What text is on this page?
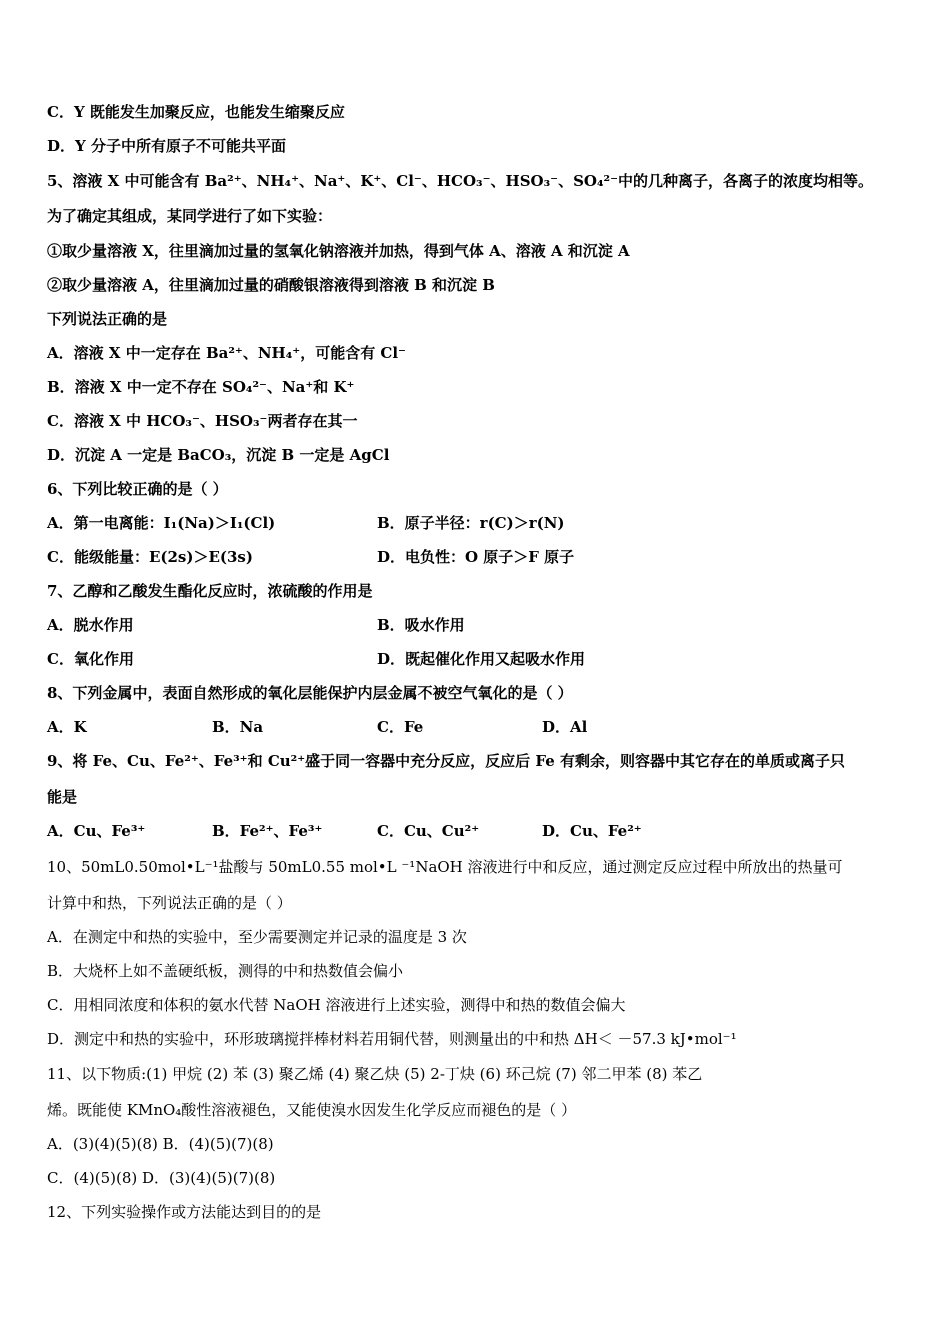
C．Y 既能发生加聚反应，也能发生缩聚反应
D．Y 分子中所有原子不可能共平面
5、溶液 X 中可能含有 Ba²⁺、NH₄⁺、Na⁺、K⁺、Cl⁻、HCO₃⁻、HSO₃⁻、SO₄²⁻中的几种离子，各离子的浓度均相等。
为了确定其组成，某同学进行了如下实验：
①取少量溶液 X，往里滴加过量的氢氧化钠溶液并加热，得到气体 A、溶液 A 和沉淀 A
②取少量溶液 A，往里滴加过量的硝酸银溶液得到溶液 B 和沉淀 B
下列说法正确的是
A．溶液 X 中一定存在 Ba²⁺、NH₄⁺，可能含有 Cl⁻
B．溶液 X 中一定不存在 SO₄²⁻、Na⁺和 K⁺
C．溶液 X 中 HCO₃⁻、HSO₃⁻两者存在其一
D．沉淀 A 一定是 BaCO₃，沉淀 B 一定是 AgCl
6、下列比较正确的是（ ）
A．第一电离能：I₁(Na)＞I₁(Cl)	B．原子半径：r(C)＞r(N)
C．能级能量：E(2s)＞E(3s)	D．电负性：O 原子＞F 原子
7、乙醇和乙酸发生酯化反应时，浓硫酸的作用是
A．脱水作用	B．吸水作用
C．氧化作用	D．既起催化作用又起吸水作用
8、下列金属中，表面自然形成的氧化层能保护内层金属不被空气氧化的是（ ）
A．K	B．Na	C．Fe	D．Al
9、将 Fe、Cu、Fe²⁺、Fe³⁺和 Cu²⁺盛于同一容器中充分反应，反应后 Fe 有剩余，则容器中其它存在的单质或离子只
能是
A．Cu、Fe³⁺	B．Fe²⁺、Fe³⁺	C．Cu、Cu²⁺	D．Cu、Fe²⁺
10、50mL0.50mol•L⁻¹盐酸与 50mL0.55 mol•L ⁻¹NaOH 溶液进行中和反应，通过测定反应过程中所放出的热量可
计算中和热，下列说法正确的是（ ）
A．在测定中和热的实验中，至少需要测定并记录的温度是 3 次
B．大烧杯上如不盖硬纸板，测得的中和热数值会偏小
C．用相同浓度和体积的氨水代替 NaOH 溶液进行上述实验，测得中和热的数值会偏大
D．测定中和热的实验中，环形玻璃搅拌棒材料若用铜代替，则测量出的中和热 ΔH＜ －57.3 kJ•mol⁻¹
11、以下物质:(1) 甲烷 (2) 苯 (3) 聚乙烯 (4) 聚乙炔 (5) 2-丁炔 (6) 环己烷 (7) 邻二甲苯 (8) 苯乙
烯。既能使 KMnO₄酸性溶液褪色，又能使溴水因发生化学反应而褪色的是（ ）
A．(3)(4)(5)(8) B．(4)(5)(7)(8)
C．(4)(5)(8) D．(3)(4)(5)(7)(8)
12、下列实验操作或方法能达到目的的是
